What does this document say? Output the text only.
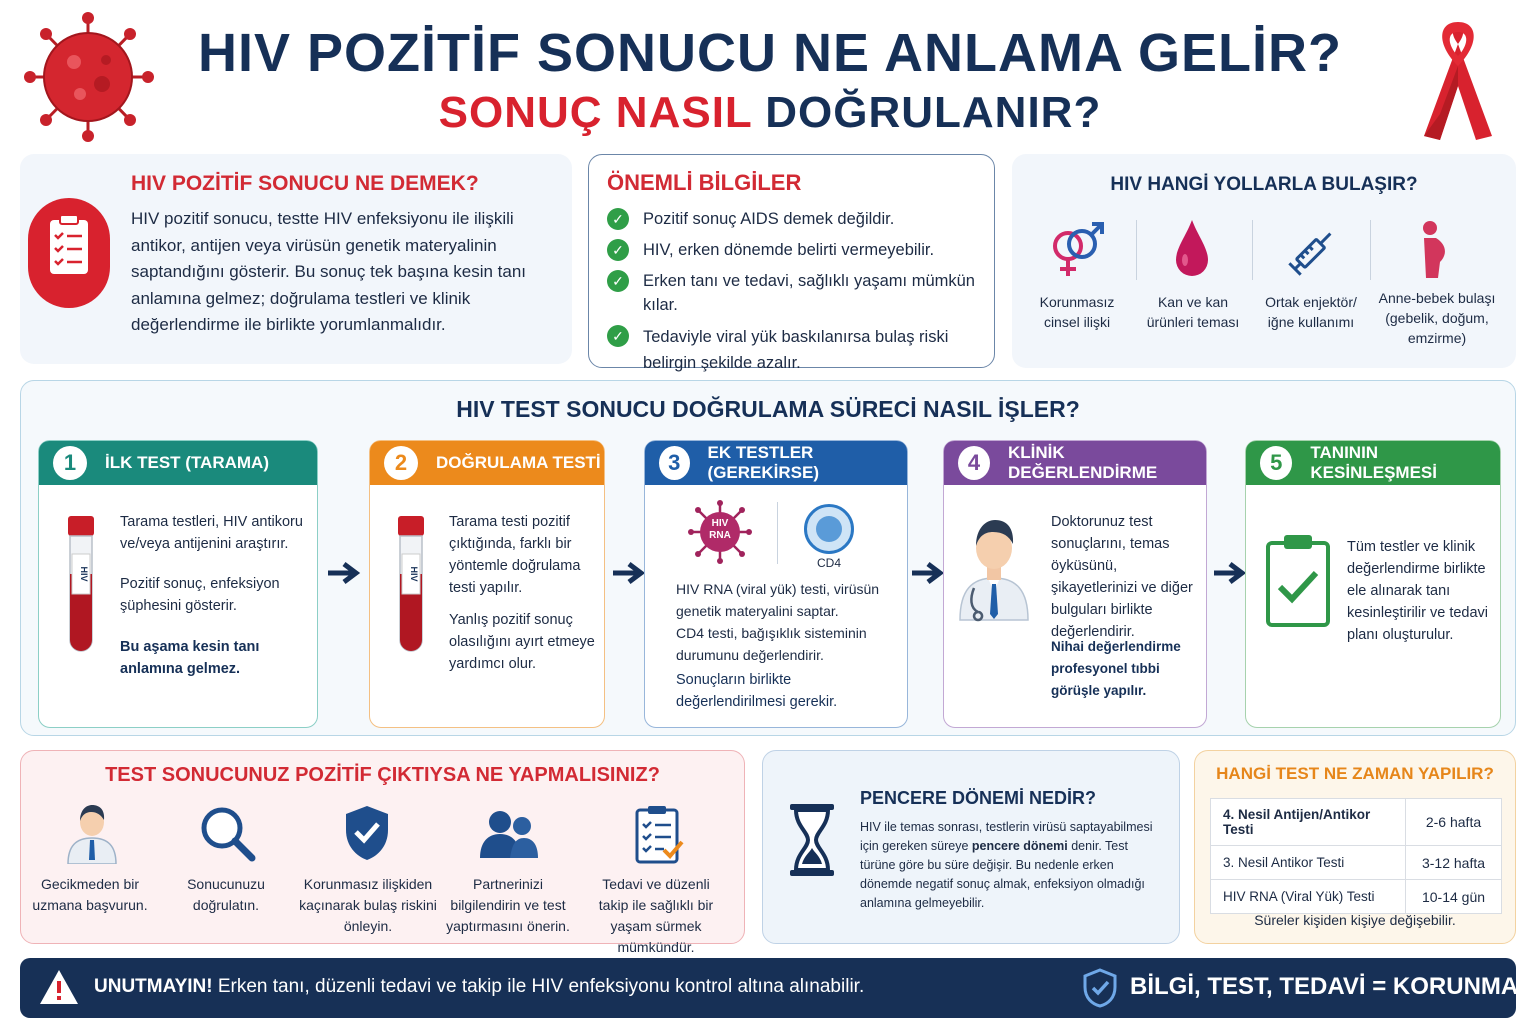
HIV POZİTİF SONUCU NE ANLAMA GELİR?
SONUÇ NASIL DOĞRULANIR?
HIV POZİTİF SONUCU NE DEMEK?
HIV pozitif sonucu, testte HIV enfeksiyonu ile ilişkili antikor, antijen veya virüsün genetik materyalinin saptandığını gösterir. Bu sonuç tek başına kesin tanı anlamına gelmez; doğrulama testleri ve klinik değerlendirme ile birlikte yorumlanmalıdır.
ÖNEMLİ BİLGİLER
✓	Pozitif sonuç AIDS demek değildir.
✓	HIV, erken dönemde belirti vermeyebilir.
✓	Erken tanı ve tedavi, sağlıklı yaşamı mümkün kılar.
✓	Tedaviyle viral yük baskılanırsa bulaş riski belirgin şekilde azalır.
HIV HANGİ YOLLARLA BULAŞIR?
Korunmasız cinsel ilişki
Kan ve kan ürünleri teması
Ortak enjektör/ iğne kullanımı
Anne-bebek bulaşı (gebelik, doğum, emzirme)
HIV TEST SONUCU DOĞRULAMA SÜRECİ NASIL İŞLER?
1	İLK TEST (TARAMA)
HIV
Tarama testleri, HIV antikoru ve/veya antijenini araştırır.
Pozitif sonuç, enfeksiyon şüphesini gösterir.
Bu aşama kesin tanı anlamına gelmez.
2	DOĞRULAMA TESTİ
HIV
Tarama testi pozitif çıktığında, farklı bir yöntemle doğrulama testi yapılır.
Yanlış pozitif sonuç olasılığını ayırt etmeye yardımcı olur.
3	EK TESTLER (GEREKİRSE)
HIV RNA
CD4
HIV RNA (viral yük) testi, virüsün genetik materyalini saptar.
CD4 testi, bağışıklık sisteminin durumunu değerlendirir.
Sonuçların birlikte değerlendirilmesi gerekir.
4	KLİNİK DEĞERLENDİRME
Doktorunuz test sonuçlarını, temas öyküsünü, şikayetlerinizi ve diğer bulguları birlikte değerlendirir.
Nihai değerlendirme profesyonel tıbbi görüşle yapılır.
5	TANININ KESİNLEŞMESİ
Tüm testler ve klinik değerlendirme birlikte ele alınarak tanı kesinleştirilir ve tedavi planı oluşturulur.
TEST SONUCUNUZ POZİTİF ÇIKTIYSA NE YAPMALISINIZ?
Gecikmeden bir uzmana başvurun.
Sonucunuzu doğrulatın.
Korunmasız ilişkiden kaçınarak bulaş riskini önleyin.
Partnerinizi bilgilendirin ve test yaptırmasını önerin.
Tedavi ve düzenli takip ile sağlıklı bir yaşam sürmek mümkündür.
PENCERE DÖNEMİ NEDİR?
HIV ile temas sonrası, testlerin virüsü saptayabilmesi için gereken süreye pencere dönemi denir. Test türüne göre bu süre değişir. Bu nedenle erken dönemde negatif sonuç almak, enfeksiyon olmadığı anlamına gelmeyebilir.
HANGİ TEST NE ZAMAN YAPILIR?
4. Nesil Antijen/Antikor Testi	2-6 hafta
3. Nesil Antikor Testi	3-12 hafta
HIV RNA (Viral Yük) Testi	10-14 gün
Süreler kişiden kişiye değişebilir.
UNUTMAYIN! Erken tanı, düzenli tedavi ve takip ile HIV enfeksiyonu kontrol altına alınabilir.	BİLGİ, TEST, TEDAVİ = KORUNMA
